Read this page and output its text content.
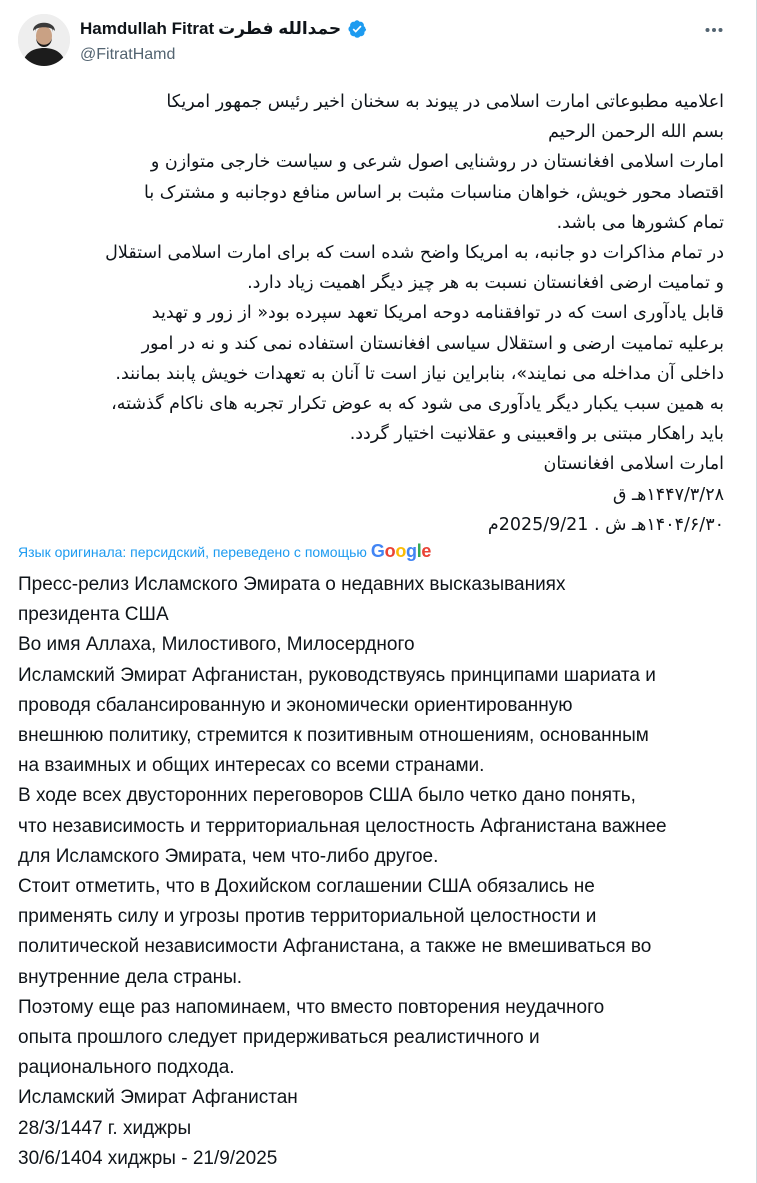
Hamdullah Fitrat حمدالله فطرت
@FitratHamd
اعلامیه مطبوعاتی امارت اسلامی در پیوند به سخنان اخیر رئیس جمهور امریکا
بسم الله الرحمن الرحیم
امارت اسلامی افغانستان در روشنایی اصول شرعی و سیاست خارجی متوازن و
اقتصاد محور خویش، خواهان مناسبات مثبت بر اساس منافع دوجانبه و مشترک با
تمام کشورها می باشد.
در تمام مذاکرات دو جانبه، به امریکا واضح شده است که برای امارت اسلامی استقلال
و تمامیت ارضی افغانستان نسبت به هر چیز دیگر اهمیت زیاد دارد.
قابل یادآوری است که در توافقنامه دوحه امریکا تعهد سپرده بود« از زور و تهدید
برعلیه تمامیت ارضی و استقلال سیاسی افغانستان استفاده نمی کند و نه در امور
داخلی آن مداخله می نمایند»، بنابراین نیاز است تا آنان به تعهدات خویش پابند بمانند.
به همین سبب یکبار دیگر یادآوری می شود که به عوض تکرار تجربه های ناکام گذشته،
باید راهکار مبتنی بر واقعبینی و عقلانیت اختیار گردد.
امارت اسلامی افغانستان
۱۴۴۷/۳/۲۸هـ ق
۱۴۰۴/۶/۳۰هـ ش . 2025/9/21م
Язык оригинала: персидский, переведено с помощью Google
Пресс-релиз Исламского Эмирата о недавних высказываниях
президента США
Во имя Аллаха, Милостивого, Милосердного
Исламский Эмират Афганистан, руководствуясь принципами шариата и
проводя сбалансированную и экономически ориентированную
внешнюю политику, стремится к позитивным отношениям, основанным
на взаимных и общих интересах со всеми странами.
В ходе всех двусторонних переговоров США было четко дано понять,
что независимость и территориальная целостность Афганистана важнее
для Исламского Эмирата, чем что-либо другое.
Стоит отметить, что в Дохийском соглашении США обязались не
применять силу и угрозы против территориальной целостности и
политической независимости Афганистана, а также не вмешиваться во
внутренние дела страны.
Поэтому еще раз напоминаем, что вместо повторения неудачного
опыта прошлого следует придерживаться реалистичного и
рационального подхода.
Исламский Эмират Афганистан
28/3/1447 г. хиджры
30/6/1404 хиджры - 21/9/2025
